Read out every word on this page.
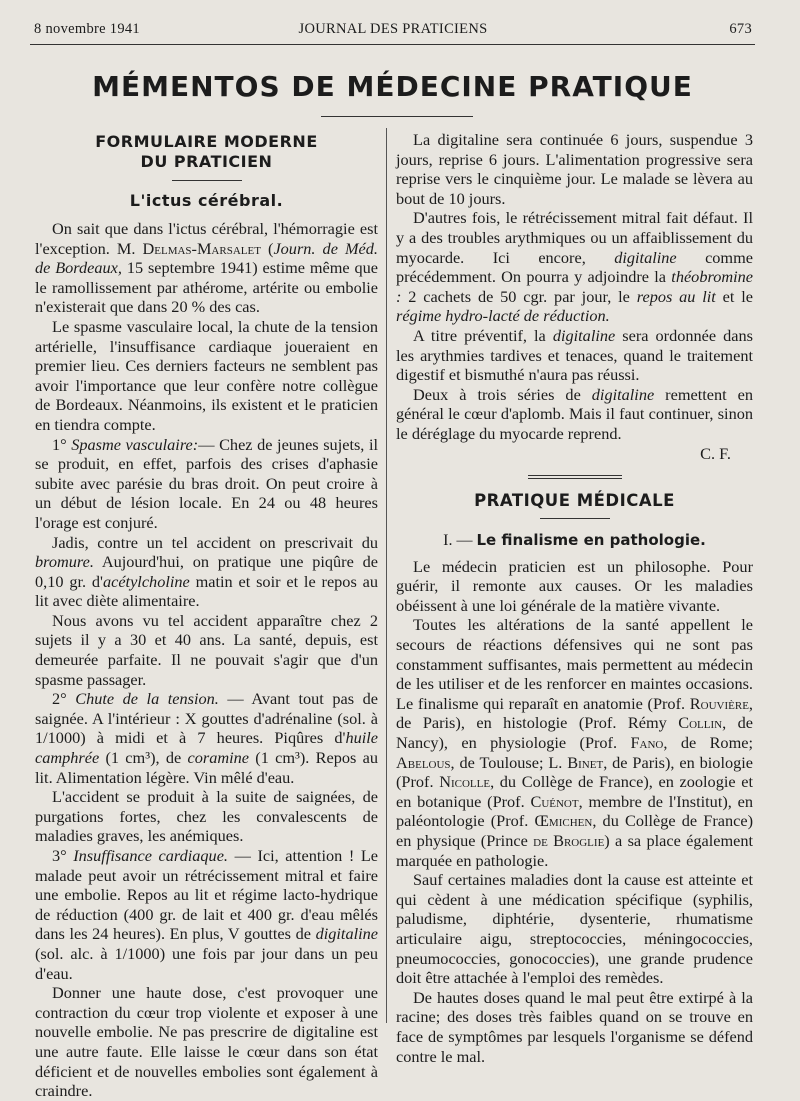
8 novembre 1941	JOURNAL DES PRATICIENS	673
MÉMENTOS DE MÉDECINE PRATIQUE
FORMULAIRE MODERNE
DU PRATICIEN
L'ictus cérébral.

On sait que dans l'ictus cérébral, l'hémorragie est l'exception. M. Delmas-Marsalet (Journ. de Méd. de Bordeaux, 15 septembre 1941) estime même que le ramollissement par athérome, artérite ou embolie n'existerait que dans 20 % des cas.

Le spasme vasculaire local, la chute de la tension artérielle, l'insuffisance cardiaque joueraient en premier lieu. Ces derniers facteurs ne semblent pas avoir l'importance que leur confère notre collègue de Bordeaux. Néanmoins, ils existent et le praticien en tiendra compte.

1° Spasme vasculaire:— Chez de jeunes sujets, il se produit, en effet, parfois des crises d'aphasie subite avec parésie du bras droit. On peut croire à un début de lésion locale. En 24 ou 48 heures l'orage est conjuré.

Jadis, contre un tel accident on prescrivait du bromure. Aujourd'hui, on pratique une piqûre de 0,10 gr. d'acétylcholine matin et soir et le repos au lit avec diète alimentaire.

Nous avons vu tel accident apparaître chez 2 sujets il y a 30 et 40 ans. La santé, depuis, est demeurée parfaite. Il ne pouvait s'agir que d'un spasme passager.

2° Chute de la tension. — Avant tout pas de saignée. A l'intérieur : X gouttes d'adrénaline (sol. à 1/1000) à midi et à 7 heures. Piqûres d'huile camphrée (1 cm³), de coramine (1 cm³). Repos au lit. Alimentation légère. Vin mêlé d'eau.

L'accident se produit à la suite de saignées, de purgations fortes, chez les convalescents de maladies graves, les anémiques.

3° Insuffisance cardiaque. — Ici, attention ! Le malade peut avoir un rétrécissement mitral et faire une embolie. Repos au lit et régime lacto-hydrique de réduction (400 gr. de lait et 400 gr. d'eau mêlés dans les 24 heures). En plus, V gouttes de digitaline (sol. alc. à 1/1000) une fois par jour dans un peu d'eau.

Donner une haute dose, c'est provoquer une contraction du cœur trop violente et exposer à une nouvelle embolie. Ne pas prescrire de digitaline est une autre faute. Elle laisse le cœur dans son état déficient et de nouvelles embolies sont également à craindre.

La digitaline sera continuée 6 jours, suspendue 3 jours, reprise 6 jours. L'alimentation progressive sera reprise vers le cinquième jour. Le malade se lèvera au bout de 10 jours.

D'autres fois, le rétrécissement mitral fait défaut. Il y a des troubles arythmiques ou un affaiblissement du myocarde. Ici encore, digitaline comme précédemment. On pourra y adjoindre la théobromine : 2 cachets de 50 cgr. par jour, le repos au lit et le régime hydro-lacté de réduction.

A titre préventif, la digitaline sera ordonnée dans les arythmies tardives et tenaces, quand le traitement digestif et bismuthé n'aura pas réussi.

Deux à trois séries de digitaline remettent en général le cœur d'aplomb. Mais il faut continuer, sinon le déréglage du myocarde reprend.

C. F.

PRATIQUE MÉDICALE
I. — Le finalisme en pathologie.

Le médecin praticien est un philosophe. Pour guérir, il remonte aux causes. Or les maladies obéissent à une loi générale de la matière vivante.

Toutes les altérations de la santé appellent le secours de réactions défensives qui ne sont pas constamment suffisantes, mais permettent au médecin de les utiliser et de les renforcer en maintes occasions. Le finalisme qui reparaît en anatomie (Prof. Rouvière, de Paris), en histologie (Prof. Rémy Collin, de Nancy), en physiologie (Prof. Fano, de Rome; Abelous, de Toulouse; L. Binet, de Paris), en biologie (Prof. Nicolle, du Collège de France), en zoologie et en botanique (Prof. Cuénot, membre de l'Institut), en paléontologie (Prof. Œmichen, du Collège de France) en physique (Prince de Broglie) a sa place également marquée en pathologie.

Sauf certaines maladies dont la cause est atteinte et qui cèdent à une médication spécifique (syphilis, paludisme, diphtérie, dysenterie, rhumatisme articulaire aigu, streptococcies, méningococcies, pneumococcies, gonococcies), une grande prudence doit être attachée à l'emploi des remèdes.

De hautes doses quand le mal peut être extirpé à la racine; des doses très faibles quand on se trouve en face de symptômes par lesquels l'organisme se défend contre le mal.
